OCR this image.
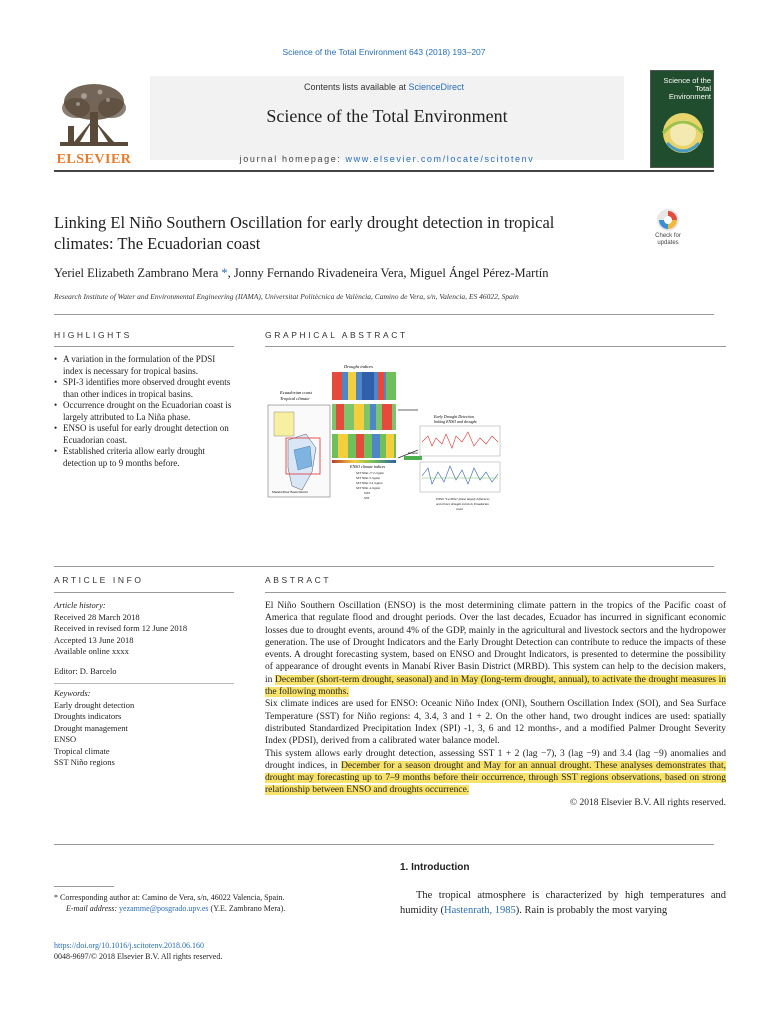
Science of the Total Environment 643 (2018) 193–207
ELSEVIER
Contents lists available at ScienceDirect
Science of the Total Environment
journal homepage: www.elsevier.com/locate/scitotenv
Science of the Total Environment
Linking El Niño Southern Oscillation for early drought detection in tropical climates: The Ecuadorian coast	Check for updates
Yeriel Elizabeth Zambrano Mera *, Jonny Fernando Rivadeneira Vera, Miguel Ángel Pérez-Martín
Research Institute of Water and Environmental Engineering (IIAMA), Universitat Politècnica de València, Camino de Vera, s/n, Valencia, ES 46022, Spain
HIGHLIGHTS
• A variation in the formulation of the PDSI index is necessary for tropical basins.
• SPI-3 identifies more observed drought events than other indices in tropical basins.
• Occurrence drought on the Ecuadorian coast is largely attributed to La Niña phase.
• ENSO is useful for early drought detection on Ecuadorian coast.
• Established criteria allow early drought detection up to 9 months before.
GRAPHICAL ABSTRACT
Ecuadorian coast
Tropical climate
Manabí River Basin District
Drought indices
ENSO climate indices
SST Niño 1+2 region
SST Niño 3 region
SST Niño 3.4 region
SST Niño 4 region
ONI
SOI
Relation
Early Drought Detection
linking ENSO and drought
ENSO "La Niña" phase largely influences
occurrence drought events in Ecuadorian
coast
ARTICLE INFO
Article history:
Received 28 March 2018
Received in revised form 12 June 2018
Accepted 13 June 2018
Available online xxxx
Editor: D. Barcelo
Keywords:
Early drought detection
Droughts indicators
Drought management
ENSO
Tropical climate
SST Niño regions
ABSTRACT

El Niño Southern Oscillation (ENSO) is the most determining climate pattern in the tropics of the Pacific coast of America that regulate flood and drought periods. Over the last decades, Ecuador has incurred in significant economic losses due to drought events, around 4% of the GDP, mainly in the agricultural and livestock sectors and the hydropower generation. The use of Drought Indicators and the Early Drought Detection can contribute to reduce the impacts of these events. A drought forecasting system, based on ENSO and Drought Indicators, is presented to determine the possibility of appearance of drought events in Manabí River Basin District (MRBD). This system can help to the decision makers, in December (short-term drought, seasonal) and in May (long-term drought, annual), to activate the drought measures in the following months.

Six climate indices are used for ENSO: Oceanic Niño Index (ONI), Southern Oscillation Index (SOI), and Sea Surface Temperature (SST) for Niño regions: 4, 3.4, 3 and 1 + 2. On the other hand, two drought indices are used: spatially distributed Standardized Precipitation Index (SPI) -1, 3, 6 and 12 months-, and a modified Palmer Drought Severity Index (PDSI), derived from a calibrated water balance model.

This system allows early drought detection, assessing SST 1 + 2 (lag −7), 3 (lag −9) and 3.4 (lag −9) anomalies and drought indices, in December for a season drought and May for an annual drought. These analyses demonstrates that, drought may forecasting up to 7–9 months before their occurrence, through SST regions observations, based on strong relationship between ENSO and droughts occurrence.

© 2018 Elsevier B.V. All rights reserved.

1. Introduction
The tropical atmosphere is characterized by high temperatures and humidity (Hastenrath, 1985). Rain is probably the most varying
* Corresponding author at: Camino de Vera, s/n, 46022 Valencia, Spain.
E-mail address: yezamme@posgrado.upv.es (Y.E. Zambrano Mera).
https://doi.org/10.1016/j.scitotenv.2018.06.160
0048-9697/© 2018 Elsevier B.V. All rights reserved.
